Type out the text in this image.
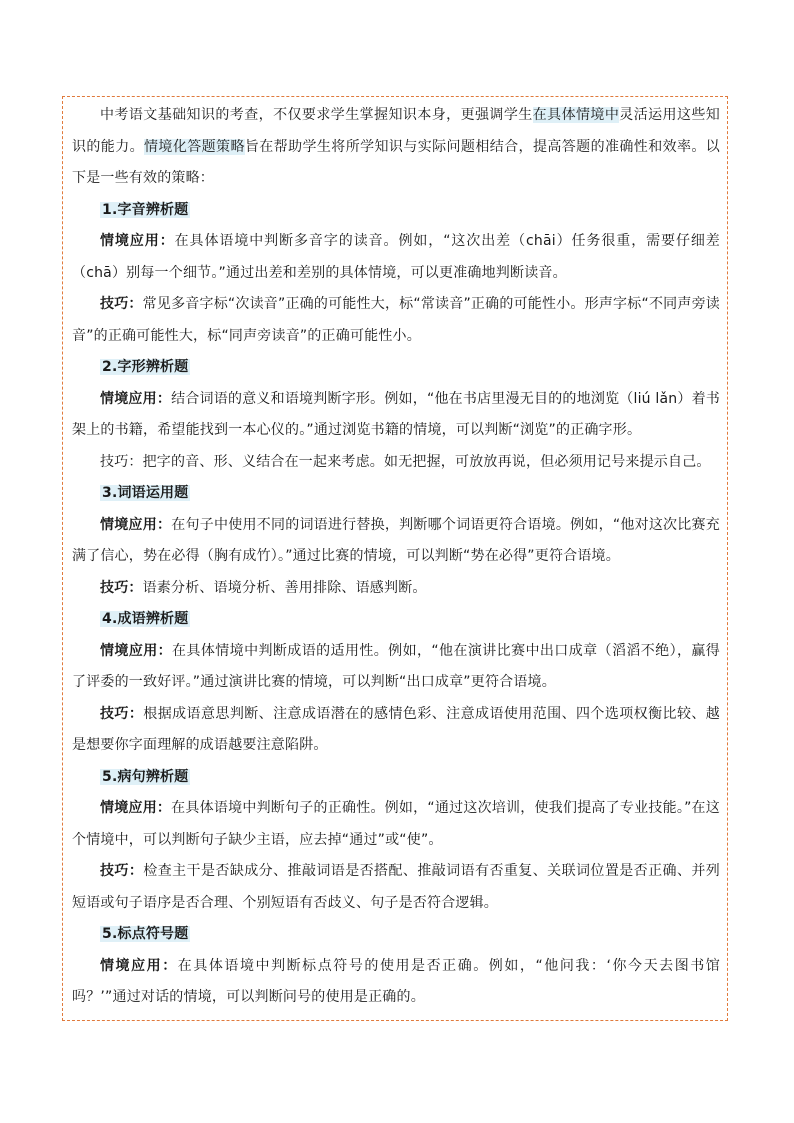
中考语文基础知识的考查，不仅要求学生掌握知识本身，更强调学生在具体情境中灵活运用这些知识的能力。情境化答题策略旨在帮助学生将所学知识与实际问题相结合，提高答题的准确性和效率。以下是一些有效的策略：

1.字音辨析题

情境应用：在具体语境中判断多音字的读音。例如，“这次出差（chāi）任务很重，需要仔细差（chā）别每一个细节。”通过出差和差别的具体情境，可以更准确地判断读音。

技巧：常见多音字标“次读音”正确的可能性大，标“常读音”正确的可能性小。形声字标“不同声旁读音”的正确可能性大，标“同声旁读音”的正确可能性小。

2.字形辨析题

情境应用：结合词语的意义和语境判断字形。例如，“他在书店里漫无目的的地浏览（liú lǎn）着书架上的书籍，希望能找到一本心仪的。”通过浏览书籍的情境，可以判断“浏览”的正确字形。

技巧：把字的音、形、义结合在一起来考虑。如无把握，可放放再说，但必须用记号来提示自己。

3.词语运用题

情境应用：在句子中使用不同的词语进行替换，判断哪个词语更符合语境。例如，“他对这次比赛充满了信心，势在必得（胸有成竹）。”通过比赛的情境，可以判断“势在必得”更符合语境。

技巧：语素分析、语境分析、善用排除、语感判断。

4.成语辨析题

情境应用：在具体情境中判断成语的适用性。例如，“他在演讲比赛中出口成章（滔滔不绝），赢得了评委的一致好评。”通过演讲比赛的情境，可以判断“出口成章”更符合语境。

技巧：根据成语意思判断、注意成语潜在的感情色彩、注意成语使用范围、四个选项权衡比较、越是想要你字面理解的成语越要注意陷阱。

5.病句辨析题

情境应用：在具体语境中判断句子的正确性。例如，“通过这次培训，使我们提高了专业技能。”在这个情境中，可以判断句子缺少主语，应去掉“通过”或“使”。

技巧：检查主干是否缺成分、推敲词语是否搭配、推敲词语有否重复、关联词位置是否正确、并列短语或句子语序是否合理、个别短语有否歧义、句子是否符合逻辑。

5.标点符号题

情境应用：在具体语境中判断标点符号的使用是否正确。例如，“他问我：‘你今天去图书馆吗？’”通过对话的情境，可以判断问号的使用是正确的。
